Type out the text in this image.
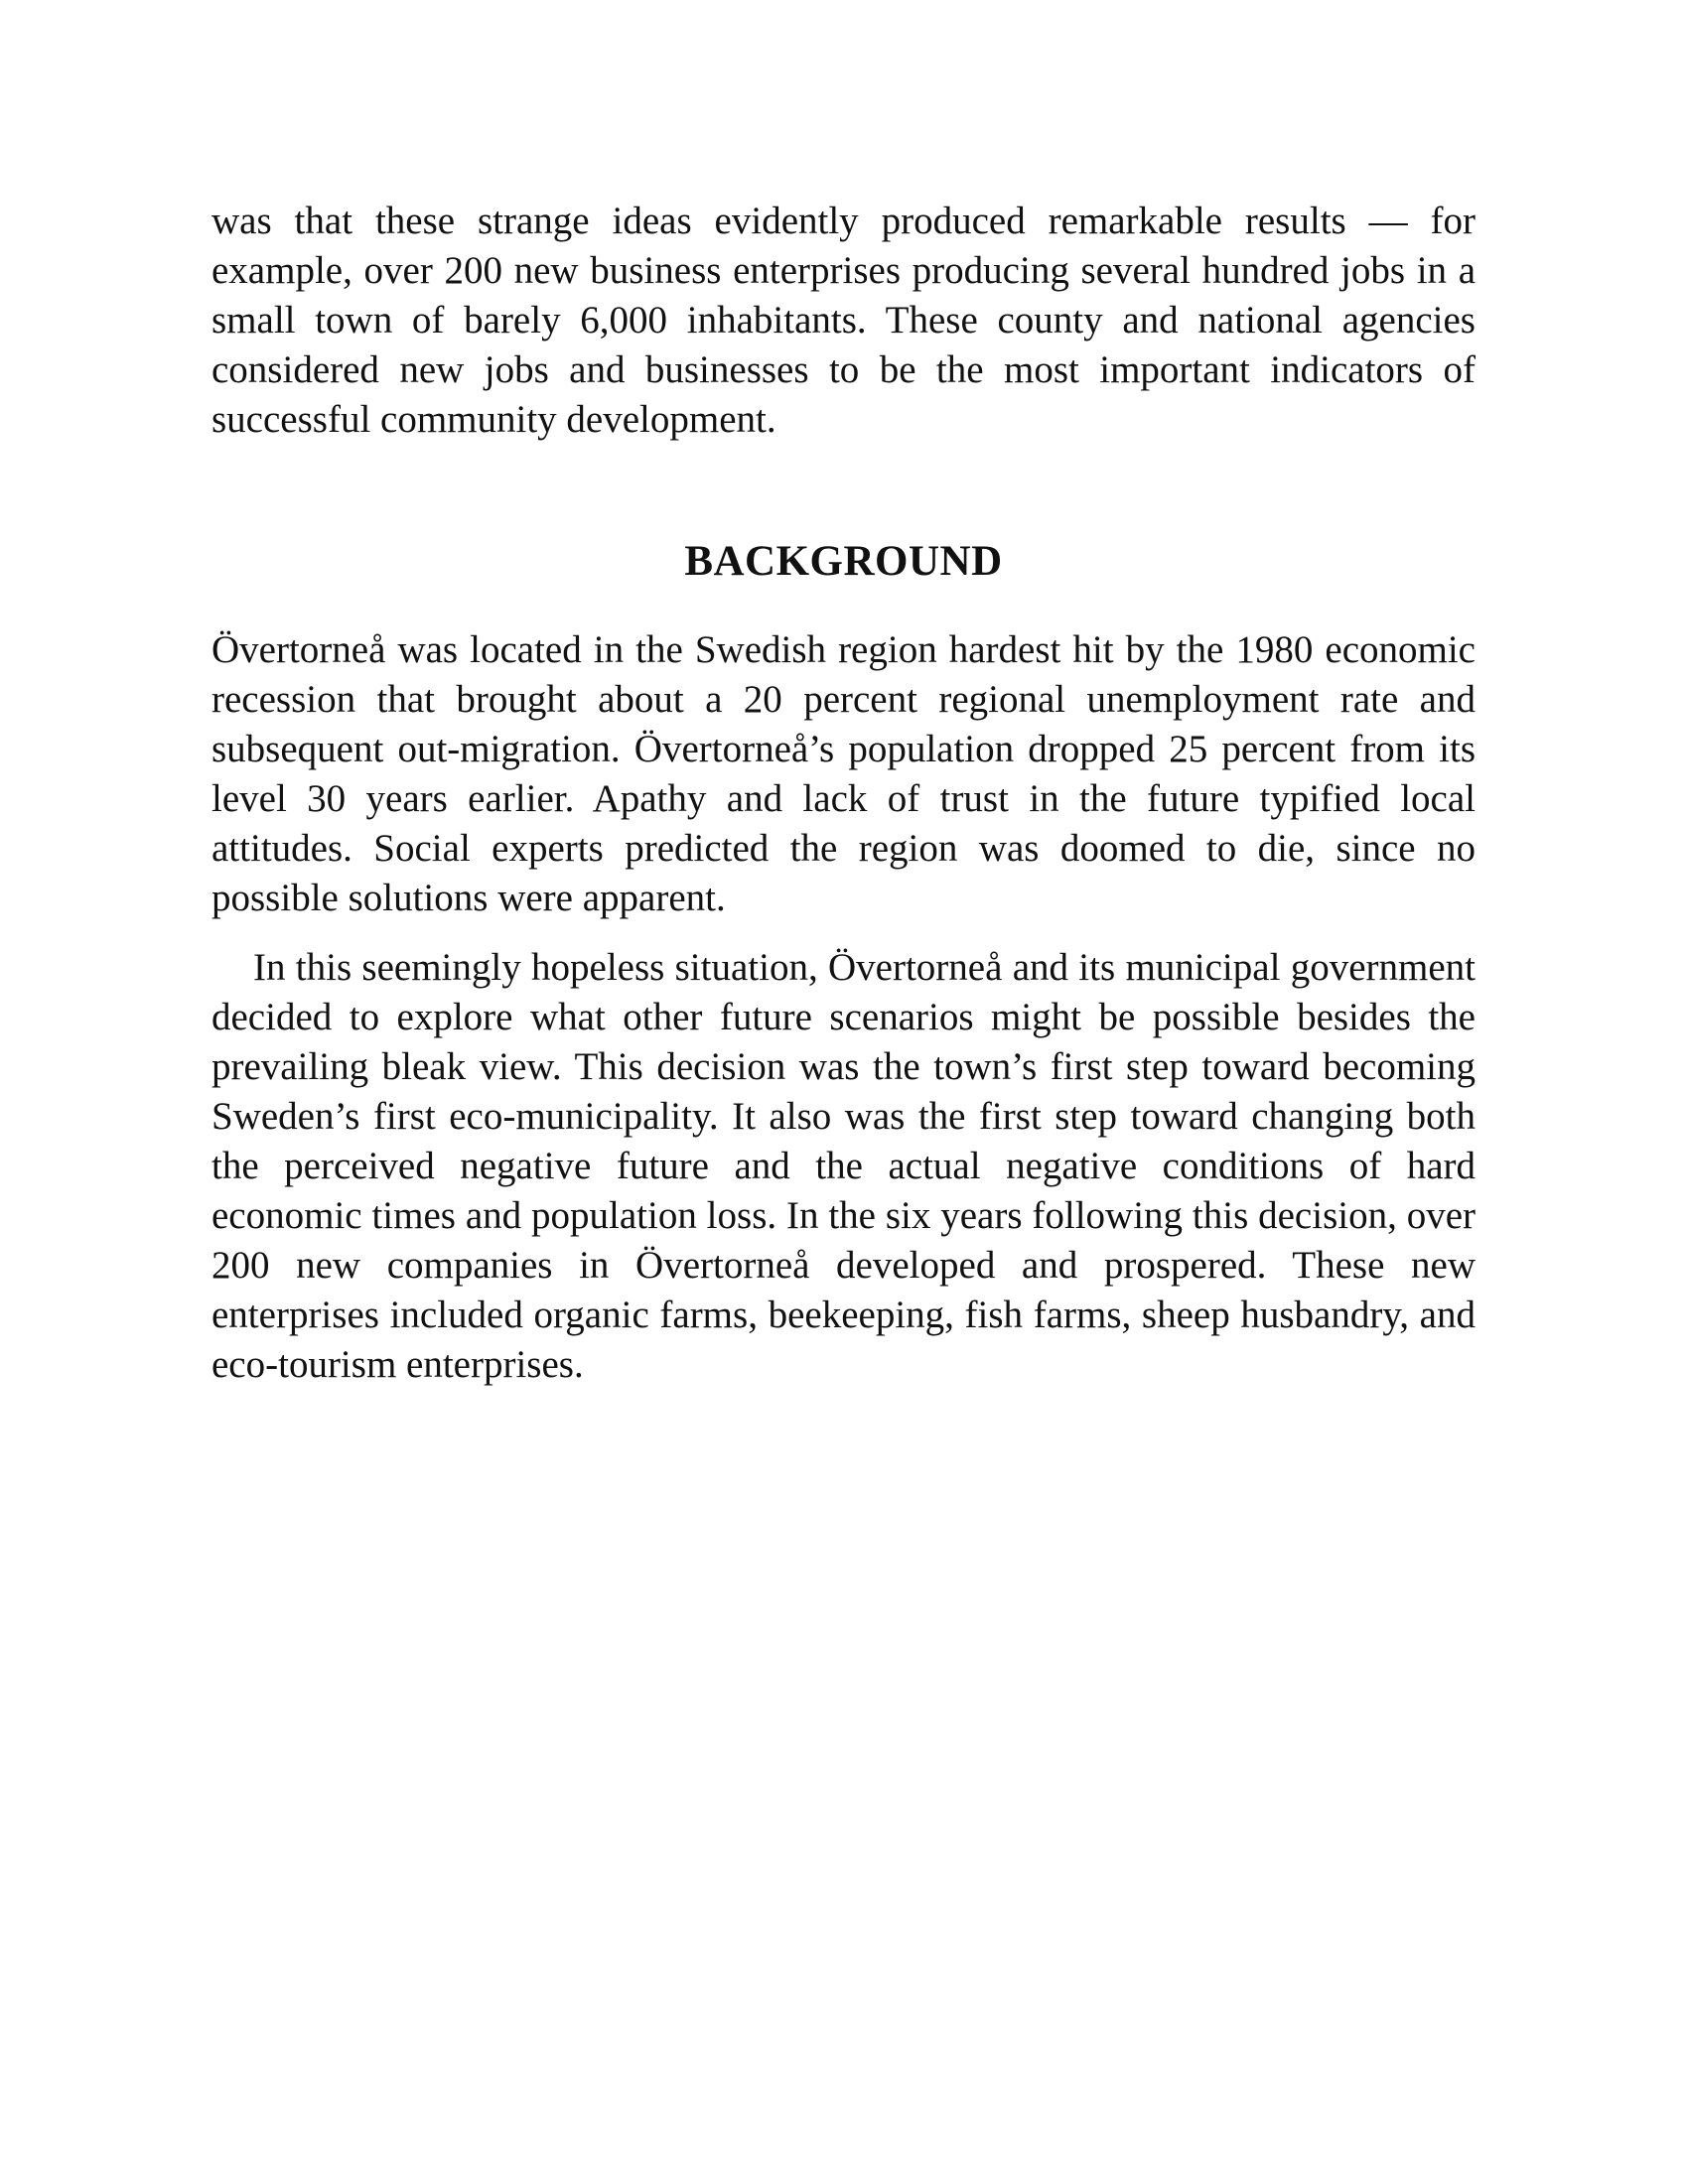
was that these strange ideas evidently produced remarkable results — for example, over 200 new business enterprises producing several hundred jobs in a small town of barely 6,000 inhabitants. These county and national agencies considered new jobs and businesses to be the most important indicators of successful community development.

BACKGROUND

Övertorneå was located in the Swedish region hardest hit by the 1980 economic recession that brought about a 20 percent regional unemployment rate and subsequent out-migration. Övertorneå’s population dropped 25 percent from its level 30 years earlier. Apathy and lack of trust in the future typified local attitudes. Social experts predicted the region was doomed to die, since no possible solutions were apparent.

In this seemingly hopeless situation, Övertorneå and its municipal government decided to explore what other future scenarios might be possible besides the prevailing bleak view. This decision was the town’s first step toward becoming Sweden’s first eco-municipality. It also was the first step toward changing both the perceived negative future and the actual negative conditions of hard economic times and population loss. In the six years following this decision, over 200 new companies in Övertorneå developed and prospered. These new enterprises included organic farms, beekeeping, fish farms, sheep husbandry, and eco-tourism enterprises.
